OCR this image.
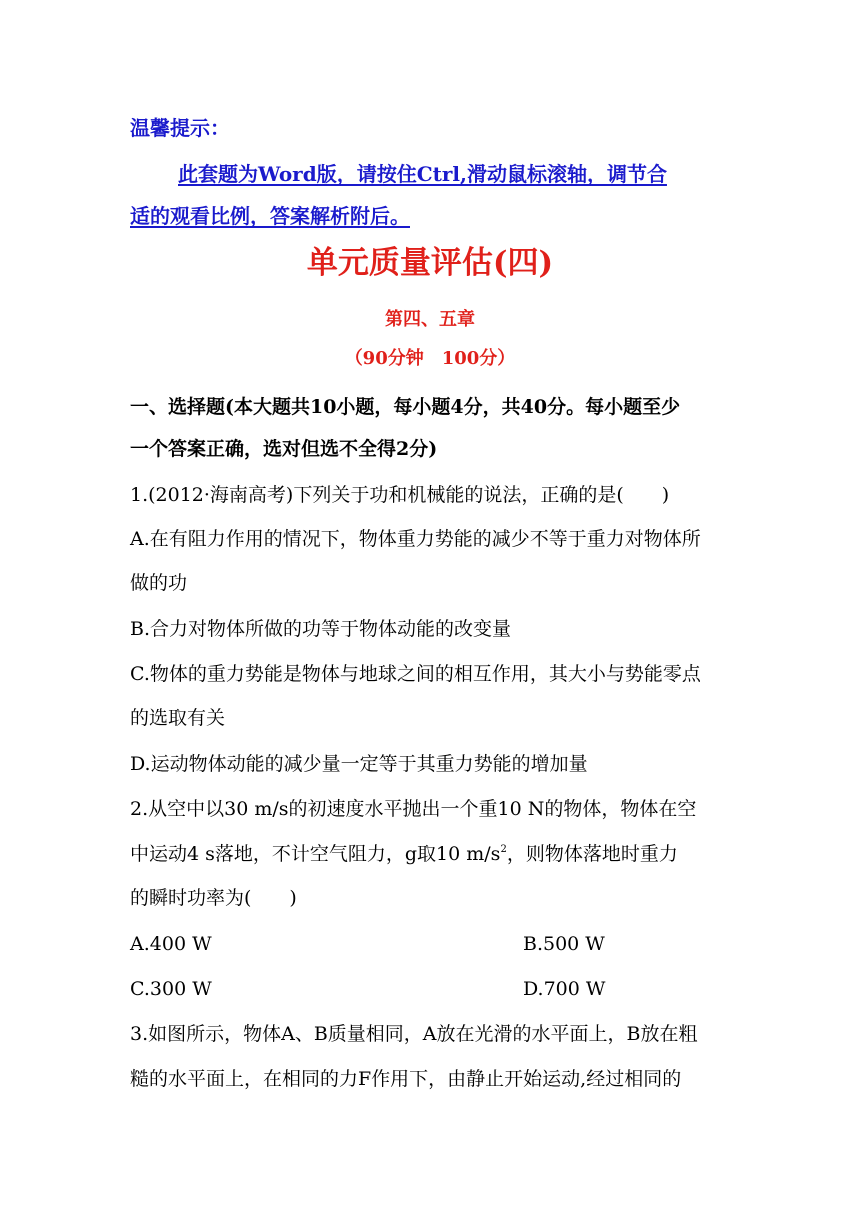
温馨提示：
此套题为Word版，请按住Ctrl,滑动鼠标滚轴，调节合
适的观看比例，答案解析附后。
单元质量评估(四)
第四、五章
（90分钟　100分）
一、选择题(本大题共10小题，每小题4分，共40分。每小题至少
一个答案正确，选对但选不全得2分)
1.(2012·海南高考)下列关于功和机械能的说法，正确的是(　　)
A.在有阻力作用的情况下，物体重力势能的减少不等于重力对物体所
做的功
B.合力对物体所做的功等于物体动能的改变量
C.物体的重力势能是物体与地球之间的相互作用，其大小与势能零点
的选取有关
D.运动物体动能的减少量一定等于其重力势能的增加量
2.从空中以30 m/s的初速度水平抛出一个重10 N的物体，物体在空
中运动4 s落地，不计空气阻力，g取10 $m/s^2$，则物体落地时重力
的瞬时功率为(　　)
A.400 W	B.500 W
C.300 W	D.700 W
3.如图所示，物体A、B质量相同，A放在光滑的水平面上，B放在粗
糙的水平面上，在相同的力F作用下，由静止开始运动,经过相同的
